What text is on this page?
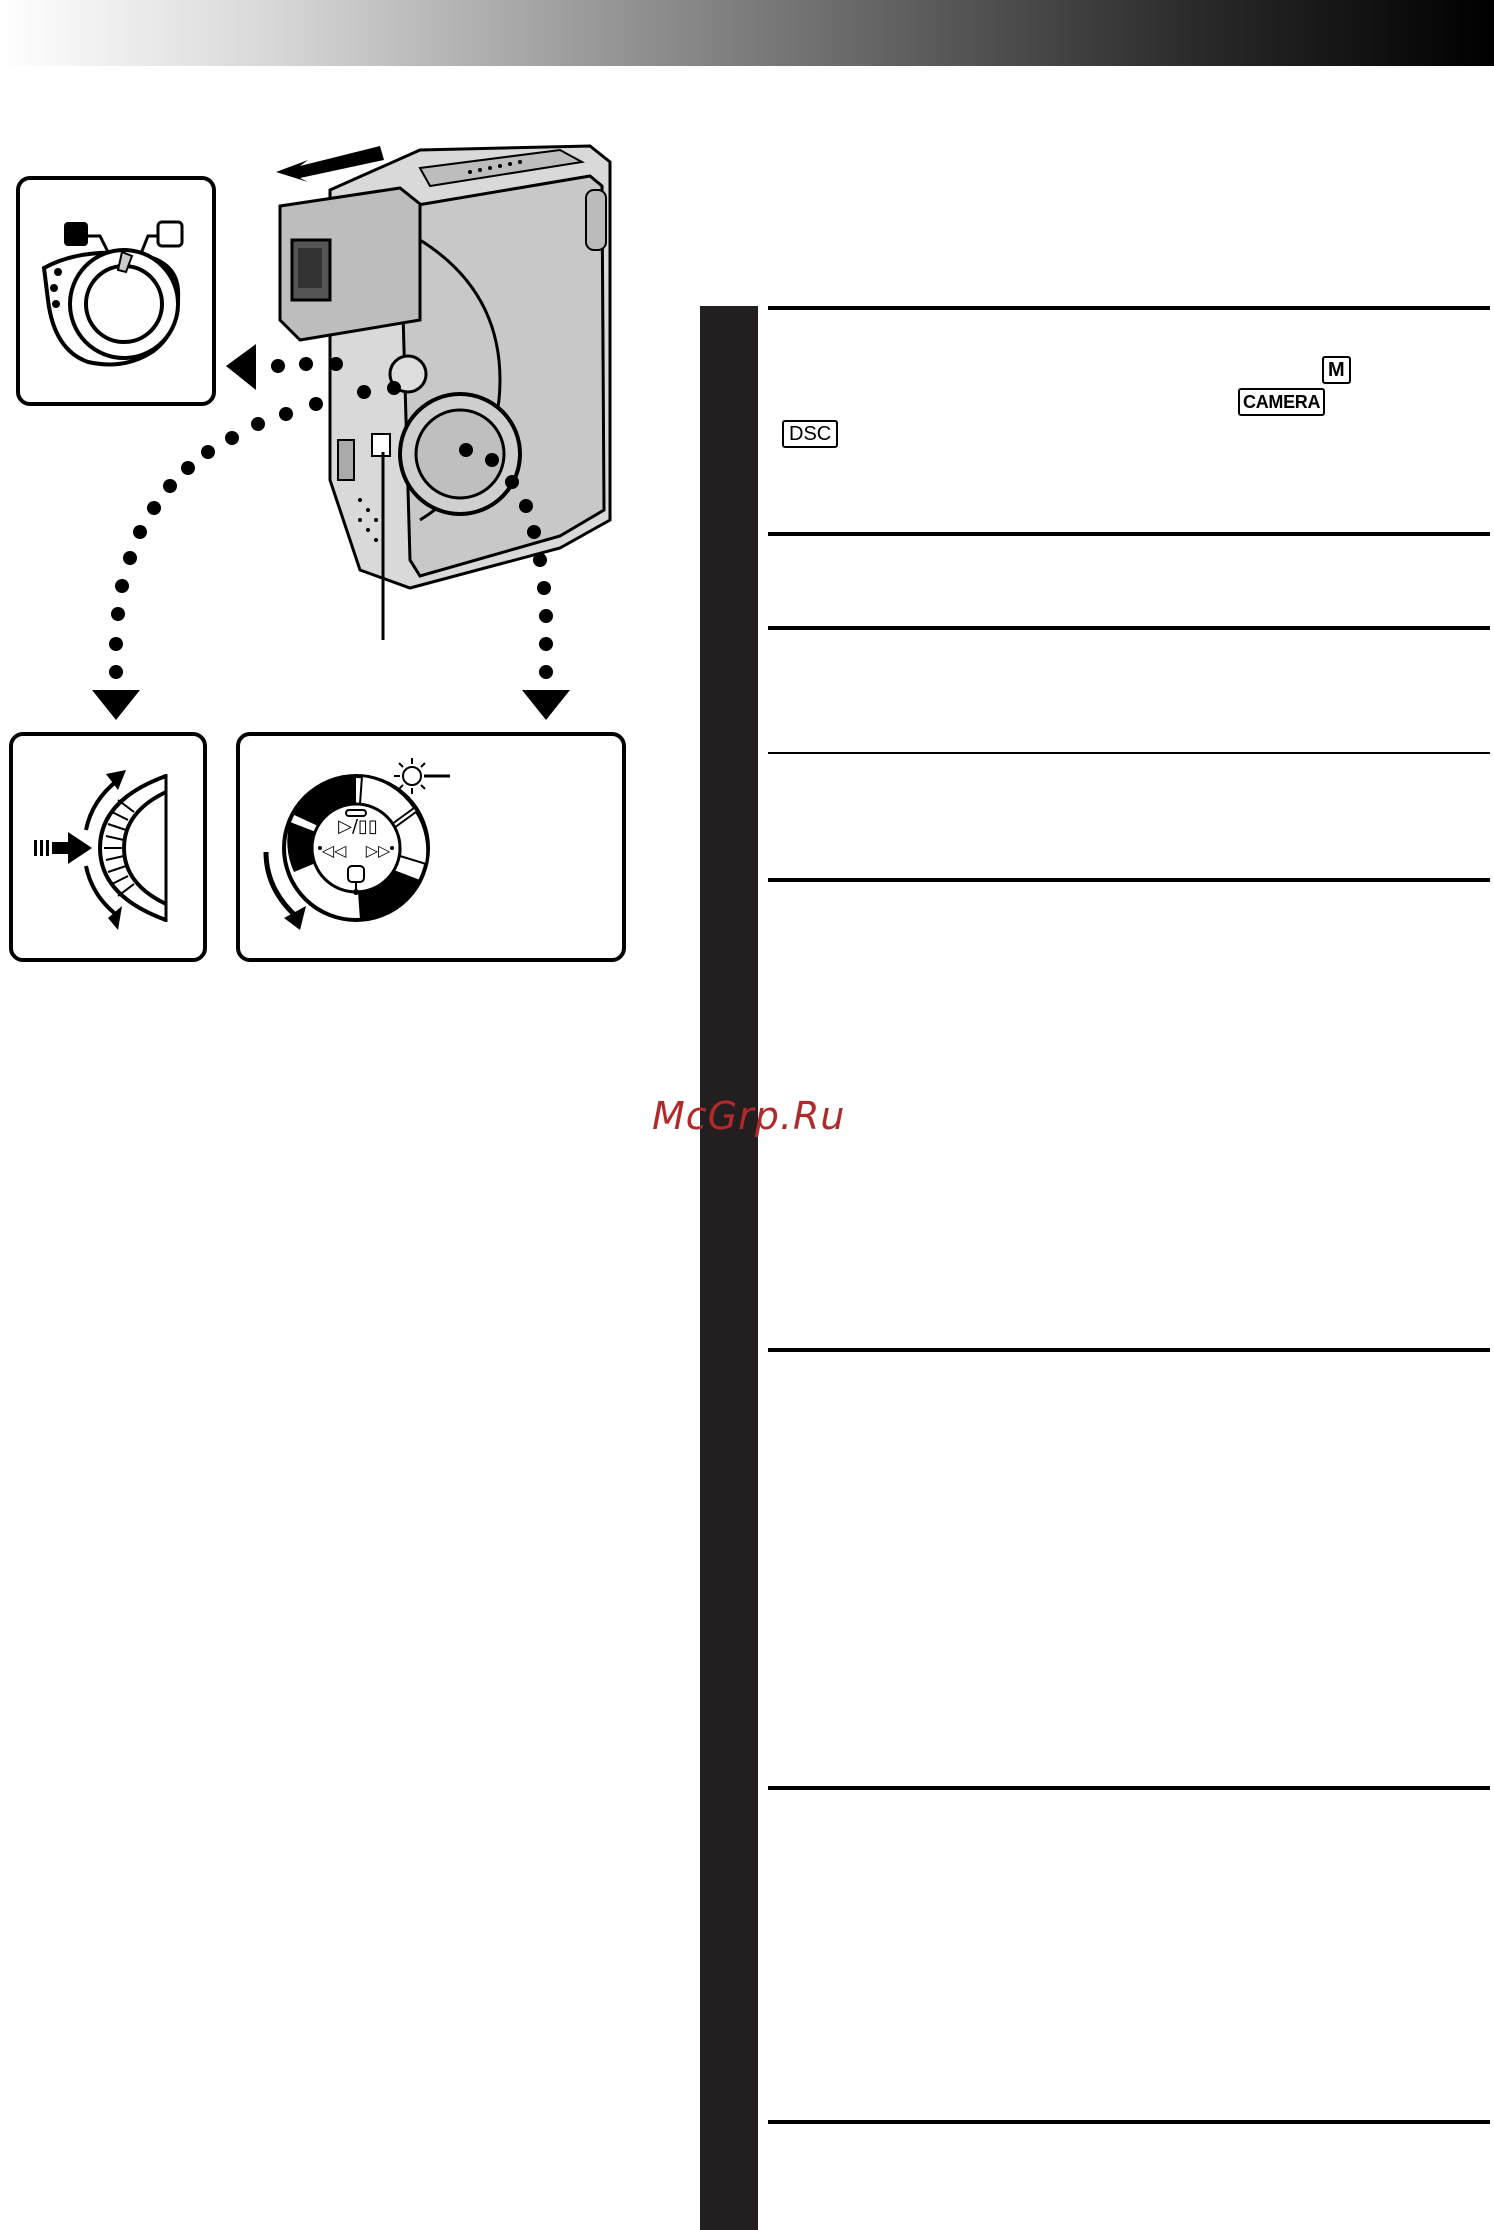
▷/▯▯
◁◁ ▷▷
M
CAMERA
DSC
McGrp.Ru
